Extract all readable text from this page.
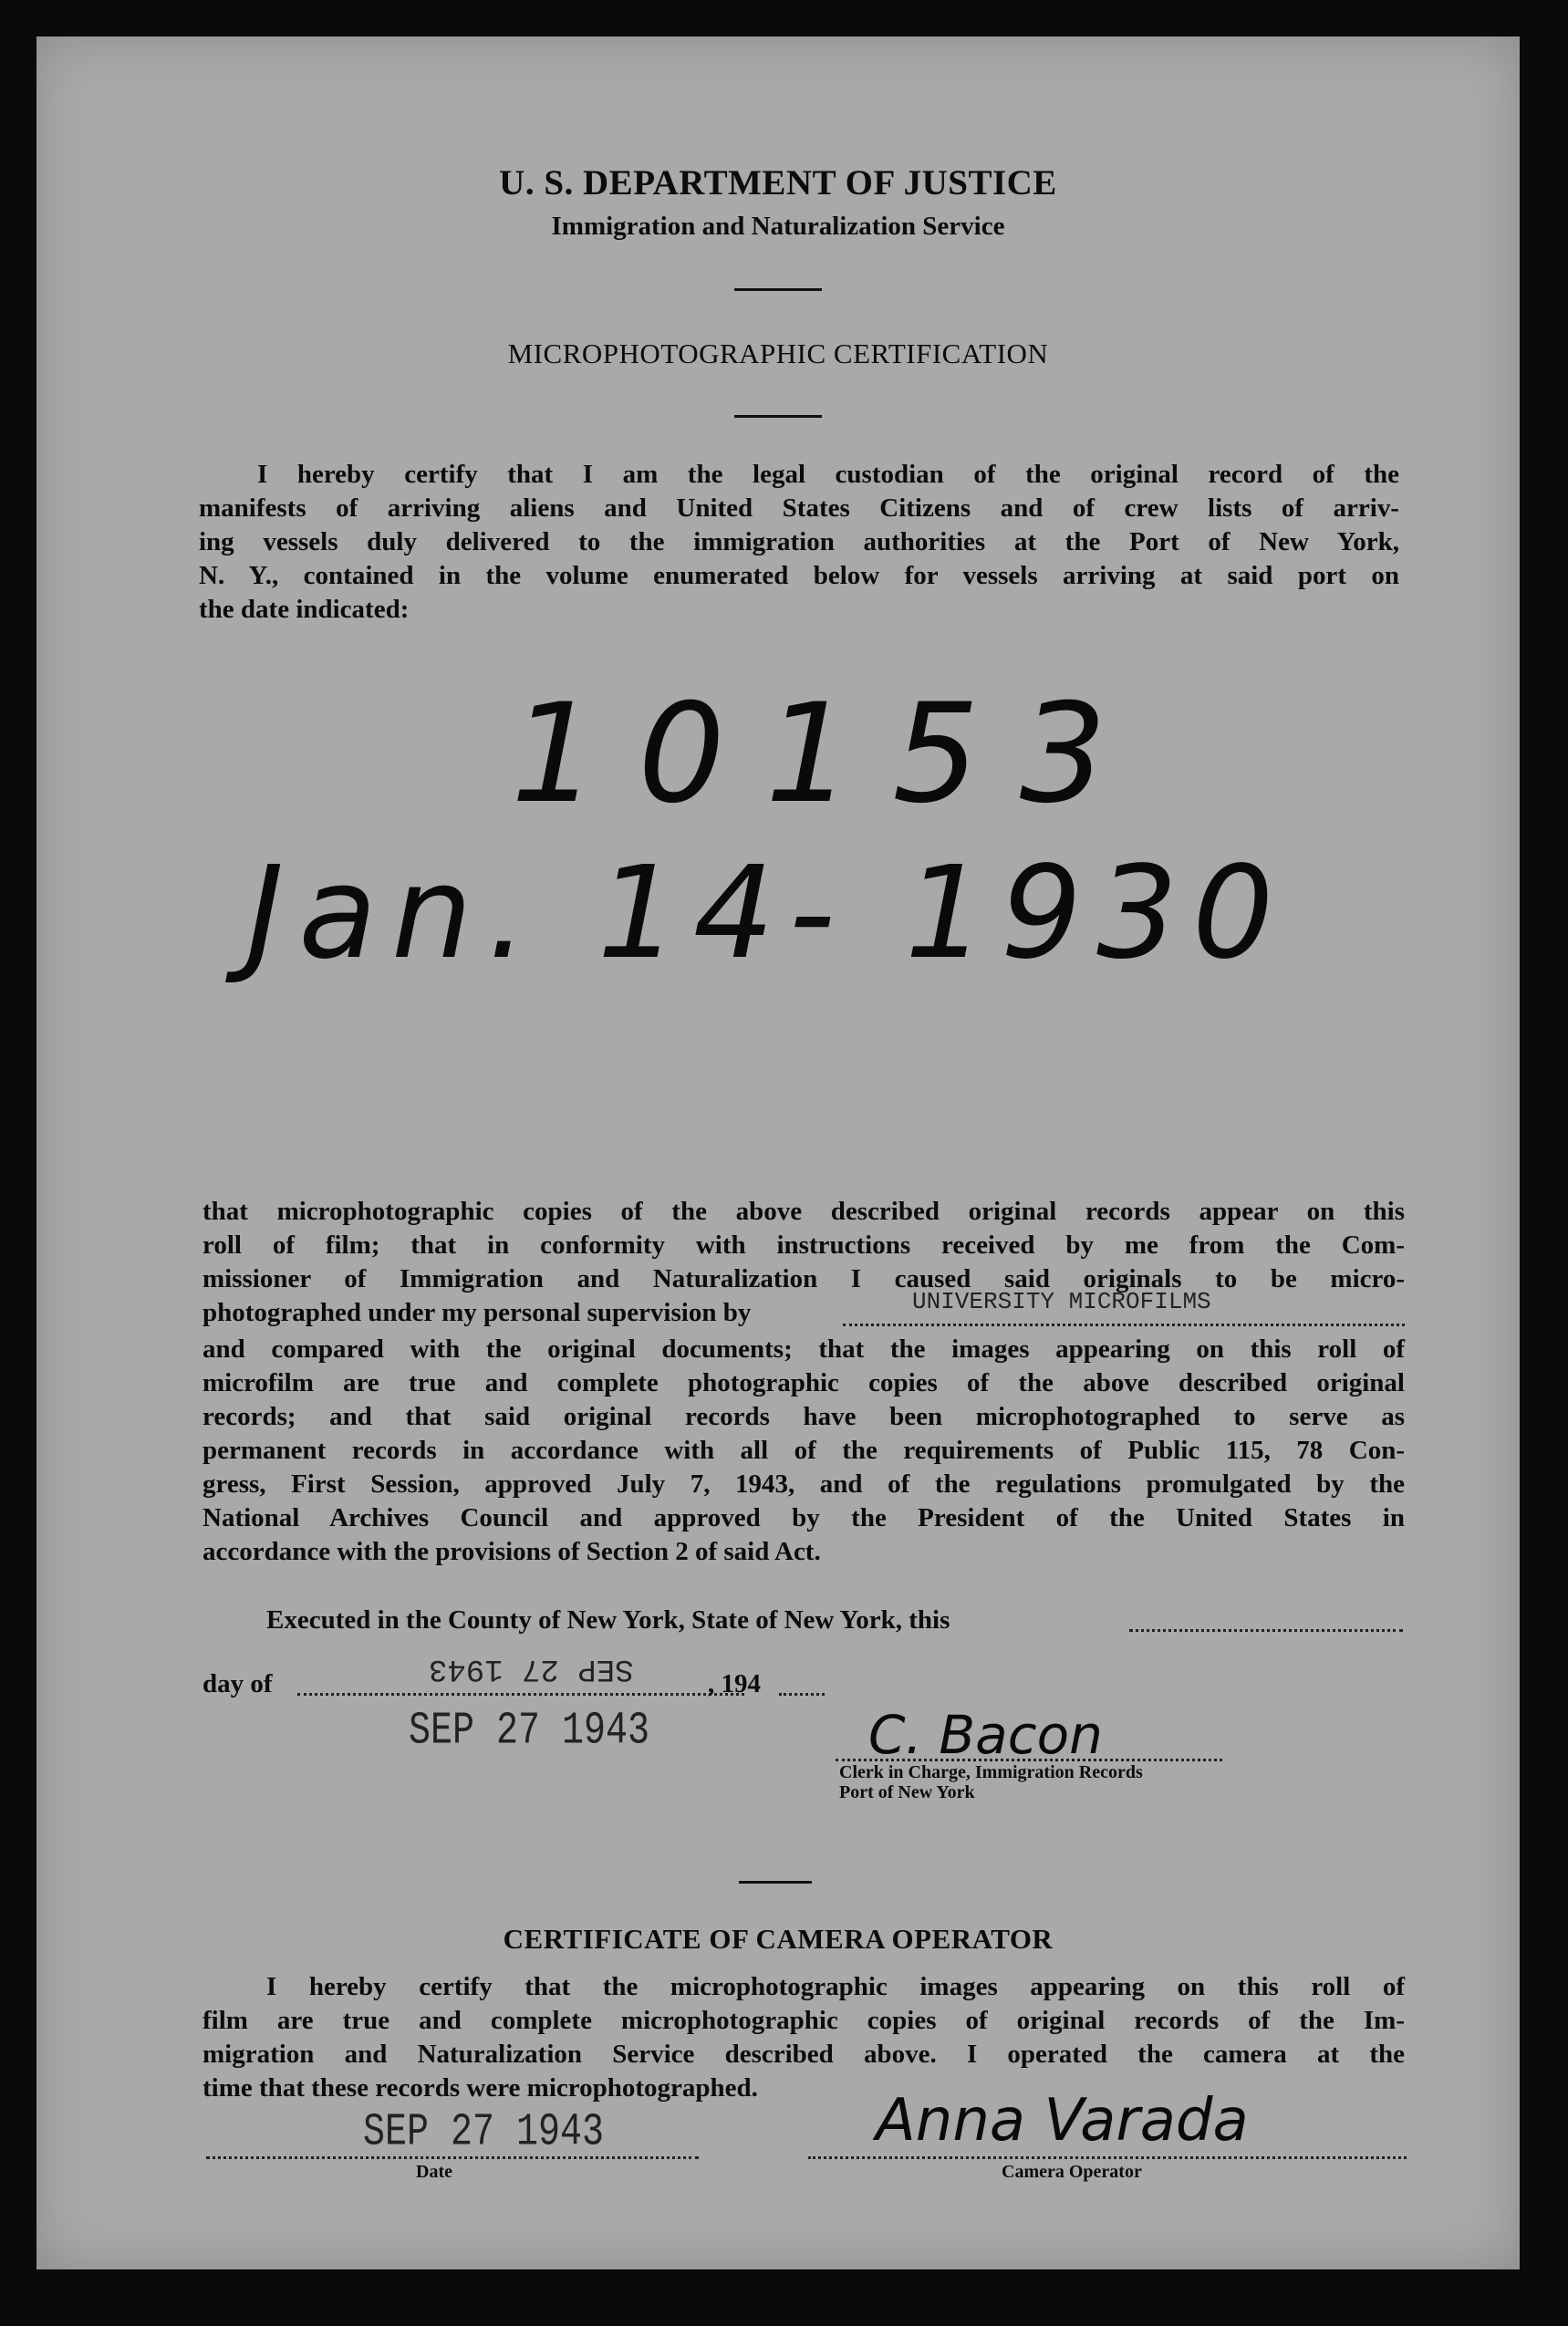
U. S. DEPARTMENT OF JUSTICE
Immigration and Naturalization Service
MICROPHOTOGRAPHIC CERTIFICATION

I hereby certify that I am the legal custodian of the original record of the

manifests of arriving aliens and United States Citizens and of crew lists of arriv-

ing vessels duly delivered to the immigration authorities at the Port of New York,

N. Y., contained in the volume enumerated below for vessels arriving at said port on

the date indicated:

10153
Jan. 14- 1930

that microphotographic copies of the above described original records appear on this

roll of film; that in conformity with instructions received by me from the Com-

missioner of Immigration and Naturalization I caused said originals to be micro-

photographed under my personal supervision by	UNIVERSITY MICROFILMS

and compared with the original documents; that the images appearing on this roll of

microfilm are true and complete photographic copies of the above described original

records; and that said original records have been microphotographed to serve as

permanent records in accordance with all of the requirements of Public 115, 78 Con-

gress, First Session, approved July 7, 1943, and of the regulations promulgated by the

National Archives Council and approved by the President of the United States in

accordance with the provisions of Section 2 of said Act.

Executed in the County of New York, State of New York, this
day of	SEP 27 1943	, 194
SEP 27 1943	C. Bacon
Clerk in Charge, Immigration Records
Port of New York
CERTIFICATE OF CAMERA OPERATOR

I hereby certify that the microphotographic images appearing on this roll of

film are true and complete microphotographic copies of original records of the Im-

migration and Naturalization Service described above. I operated the camera at the

time that these records were microphotographed.

SEP 27 1943
Date
Anna Varada
Camera Operator
